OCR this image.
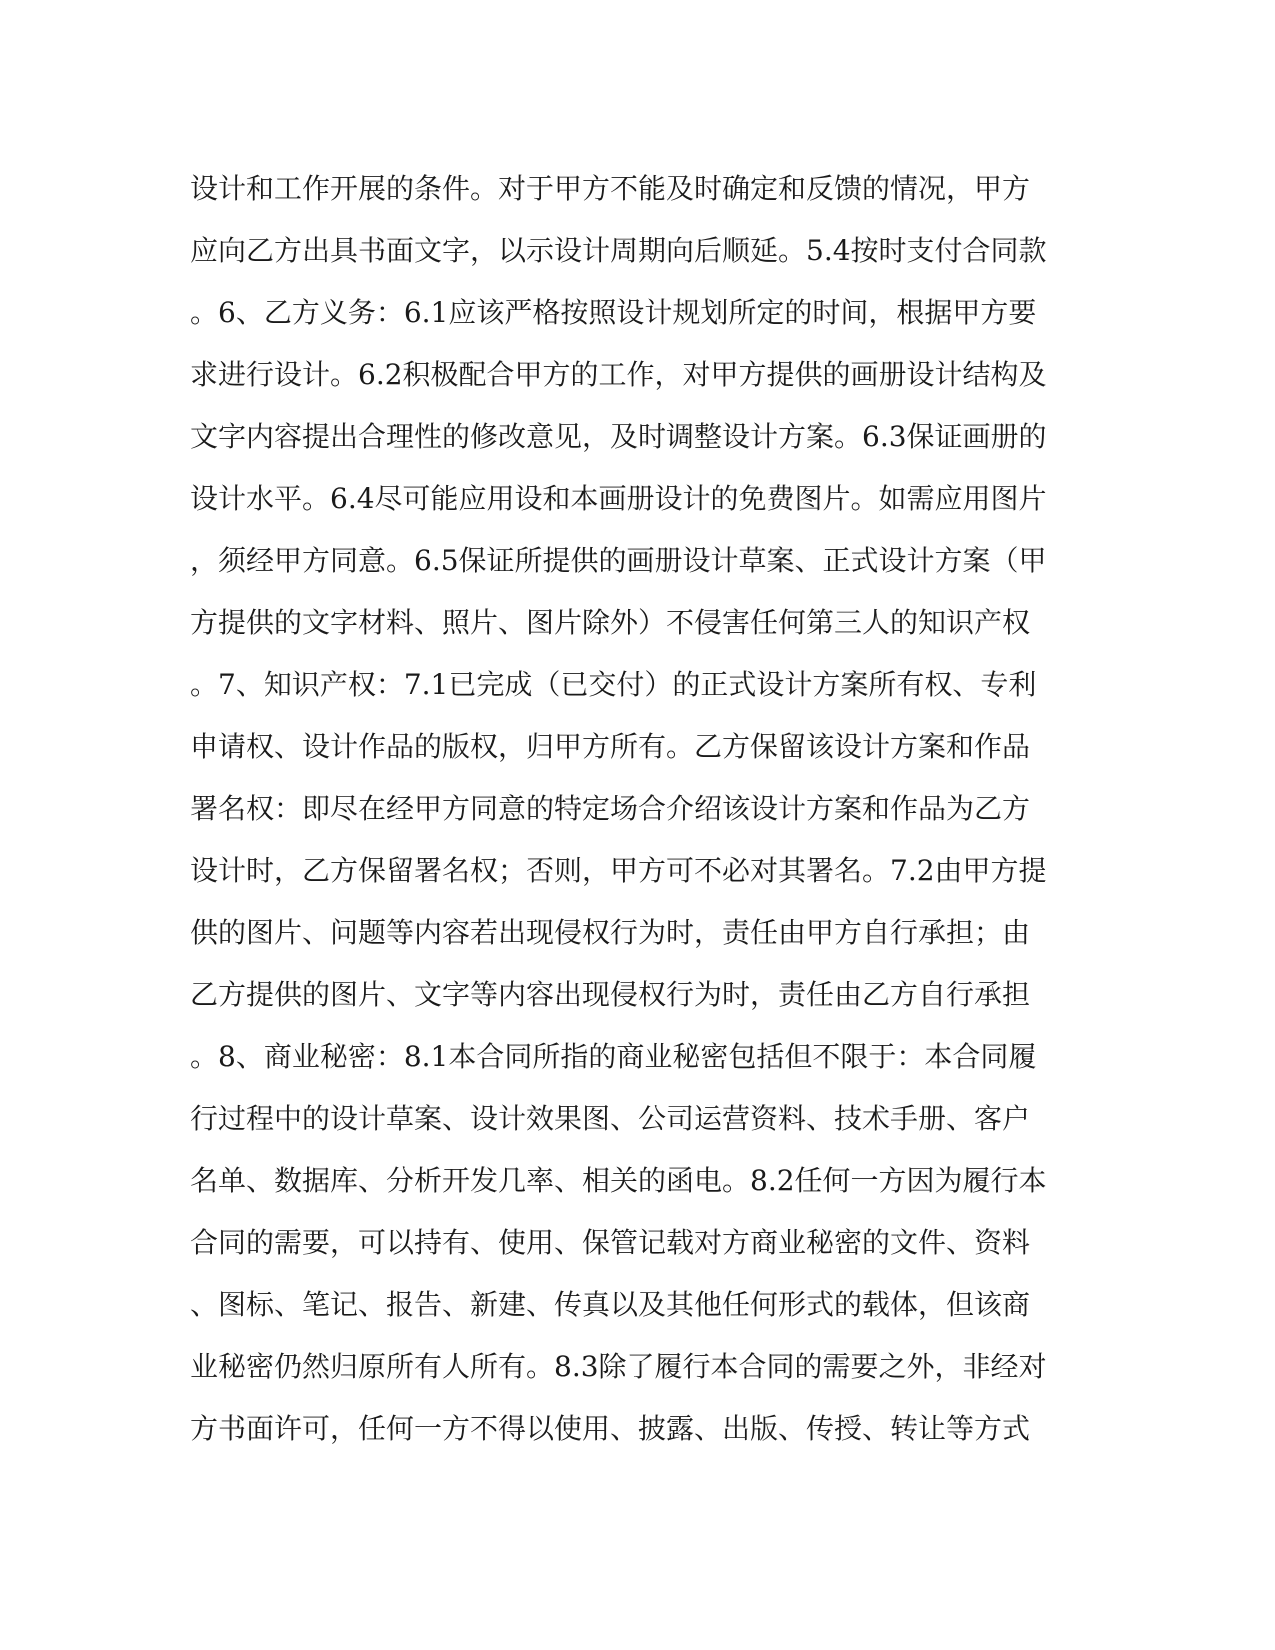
设计和工作开展的条件。对于甲方不能及时确定和反馈的情况，甲方
应向乙方出具书面文字，以示设计周期向后顺延。5.4按时支付合同款
。6、乙方义务：6.1应该严格按照设计规划所定的时间，根据甲方要
求进行设计。6.2积极配合甲方的工作，对甲方提供的画册设计结构及
文字内容提出合理性的修改意见，及时调整设计方案。6.3保证画册的
设计水平。6.4尽可能应用设和本画册设计的免费图片。如需应用图片
，须经甲方同意。6.5保证所提供的画册设计草案、正式设计方案（甲
方提供的文字材料、照片、图片除外）不侵害任何第三人的知识产权
。7、知识产权：7.1已完成（已交付）的正式设计方案所有权、专利
申请权、设计作品的版权，归甲方所有。乙方保留该设计方案和作品
署名权：即尽在经甲方同意的特定场合介绍该设计方案和作品为乙方
设计时，乙方保留署名权；否则，甲方可不必对其署名。7.2由甲方提
供的图片、问题等内容若出现侵权行为时，责任由甲方自行承担；由
乙方提供的图片、文字等内容出现侵权行为时，责任由乙方自行承担
。8、商业秘密：8.1本合同所指的商业秘密包括但不限于：本合同履
行过程中的设计草案、设计效果图、公司运营资料、技术手册、客户
名单、数据库、分析开发几率、相关的函电。8.2任何一方因为履行本
合同的需要，可以持有、使用、保管记载对方商业秘密的文件、资料
、图标、笔记、报告、新建、传真以及其他任何形式的载体，但该商
业秘密仍然归原所有人所有。8.3除了履行本合同的需要之外，非经对
方书面许可，任何一方不得以使用、披露、出版、传授、转让等方式
